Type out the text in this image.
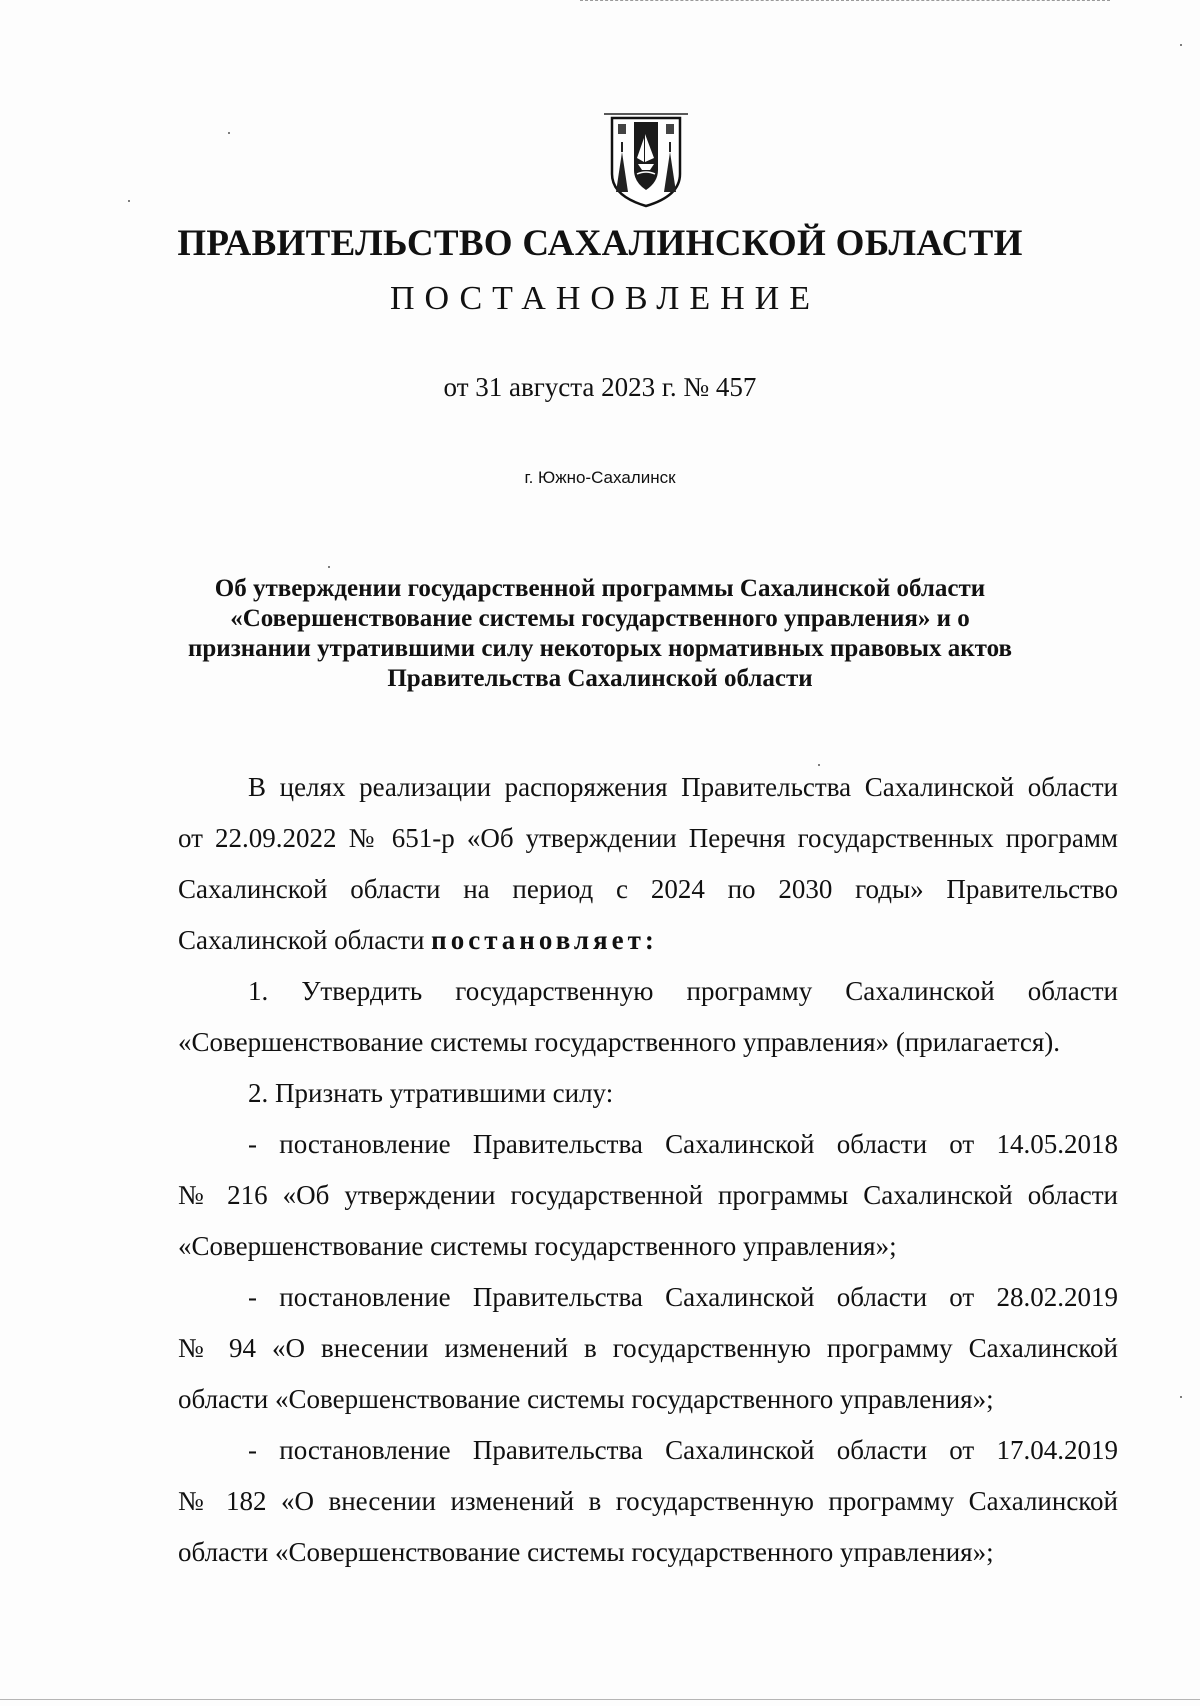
ПРАВИТЕЛЬСТВО САХАЛИНСКОЙ ОБЛАСТИ
ПОСТАНОВЛЕНИЕ
от 31 августа 2023 г. № 457
г. Южно-Сахалинск
Об утверждении государственной программы Сахалинской области
«Совершенствование системы государственного управления» и о
признании утратившими силу некоторых нормативных правовых актов
Правительства Сахалинской области

В целях реализации распоряжения Правительства Сахалинской области
от 22.09.2022 № 651-р «Об утверждении Перечня государственных программ
Сахалинской области на период с 2024 по 2030 годы» Правительство
Сахалинской области постановляет:

1. Утвердить государственную программу Сахалинской области
«Совершенствование системы государственного управления» (прилагается).

2. Признать утратившими силу:

- постановление Правительства Сахалинской области от 14.05.2018
№ 216 «Об утверждении государственной программы Сахалинской области
«Совершенствование системы государственного управления»;

- постановление Правительства Сахалинской области от 28.02.2019
№ 94 «О внесении изменений в государственную программу Сахалинской
области «Совершенствование системы государственного управления»;

- постановление Правительства Сахалинской области от 17.04.2019
№ 182 «О внесении изменений в государственную программу Сахалинской
области «Совершенствование системы государственного управления»;
